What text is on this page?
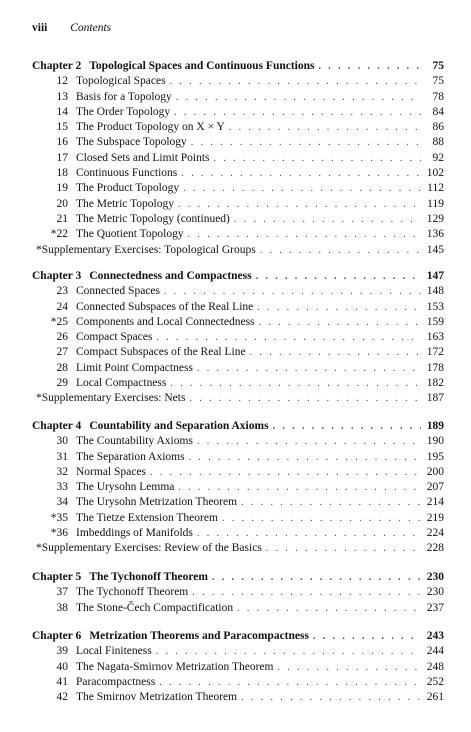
viii Contents
Chapter 2 Topological Spaces and Continuous Functions . . .	75
12 Topological Spaces . . .	75
13 Basis for a Topology . . .	78
14 The Order Topology . . .	84
15 The Product Topology on X × Y . . .	86
16 The Subspace Topology . . .	88
17 Closed Sets and Limit Points . . .	92
18 Continuous Functions . . .	102
19 The Product Topology . . .	112
20 The Metric Topology . . .	119
21 The Metric Topology (continued) . . .	129
*22 The Quotient Topology . . .	136
*Supplementary Exercises: Topological Groups . . .	145
Chapter 3 Connectedness and Compactness . . .	147
23 Connected Spaces . . .	148
24 Connected Subspaces of the Real Line . . .	153
*25 Components and Local Connectedness . . .	159
26 Compact Spaces . . .	163
27 Compact Subspaces of the Real Line . . .	172
28 Limit Point Compactness . . .	178
29 Local Compactness . . .	182
*Supplementary Exercises: Nets . . .	187
Chapter 4 Countability and Separation Axioms . . .	189
30 The Countability Axioms . . .	190
31 The Separation Axioms . . .	195
32 Normal Spaces . . .	200
33 The Urysohn Lemma . . .	207
34 The Urysohn Metrization Theorem . . .	214
*35 The Tietze Extension Theorem . . .	219
*36 Imbeddings of Manifolds . . .	224
*Supplementary Exercises: Review of the Basics . . .	228
Chapter 5 The Tychonoff Theorem . . .	230
37 The Tychonoff Theorem . . .	230
38 The Stone-Čech Compactification . . .	237
Chapter 6 Metrization Theorems and Paracompactness . . .	243
39 Local Finiteness . . .	244
40 The Nagata-Smirnov Metrization Theorem . . .	248
41 Paracompactness . . .	252
42 The Smirnov Metrization Theorem . . .	261
